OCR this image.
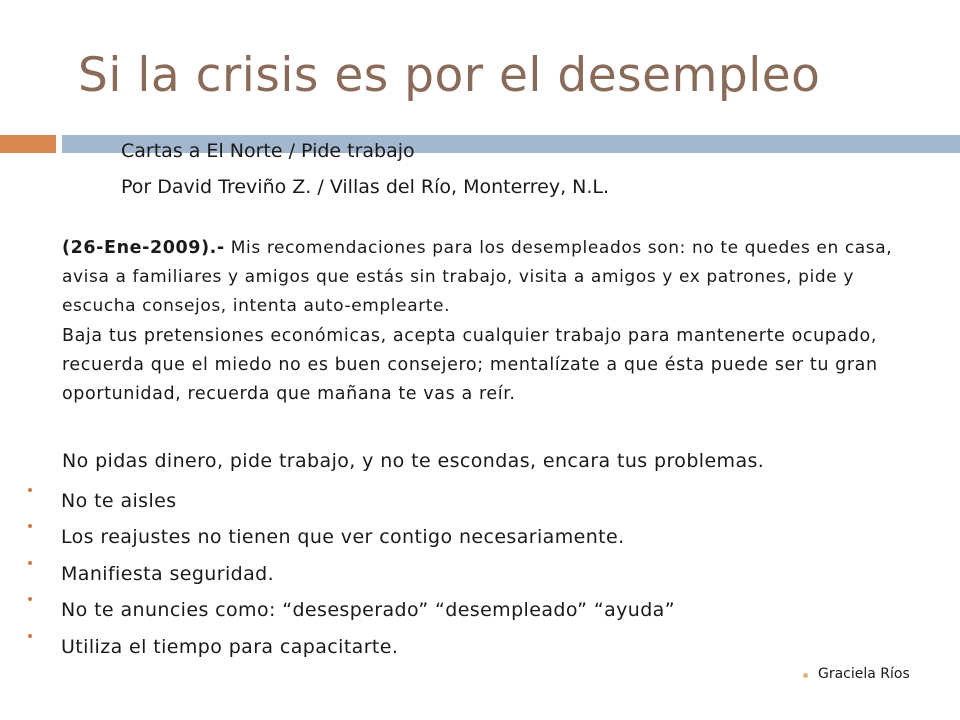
Si la crisis es por el desempleo
Cartas a El Norte / Pide trabajo
Por David Treviño Z. / Villas del Río, Monterrey, N.L.
(26-Ene-2009).- Mis recomendaciones para los desempleados son: no te quedes en casa, avisa a familiares y amigos que estás sin trabajo, visita a amigos y ex patrones, pide y escucha consejos, intenta auto-emplearte.
Baja tus pretensiones económicas, acepta cualquier trabajo para mantenerte ocupado, recuerda que el miedo no es buen consejero; mentalízate a que ésta puede ser tu gran oportunidad, recuerda que mañana te vas a reír.
No pidas dinero, pide trabajo, y no te escondas, encara tus problemas.
No te aisles
Los reajustes no tienen que ver contigo necesariamente.
Manifiesta seguridad.
No te anuncies como: “desesperado” “desempleado” “ayuda”
Utiliza el tiempo para capacitarte.
Graciela Ríos
